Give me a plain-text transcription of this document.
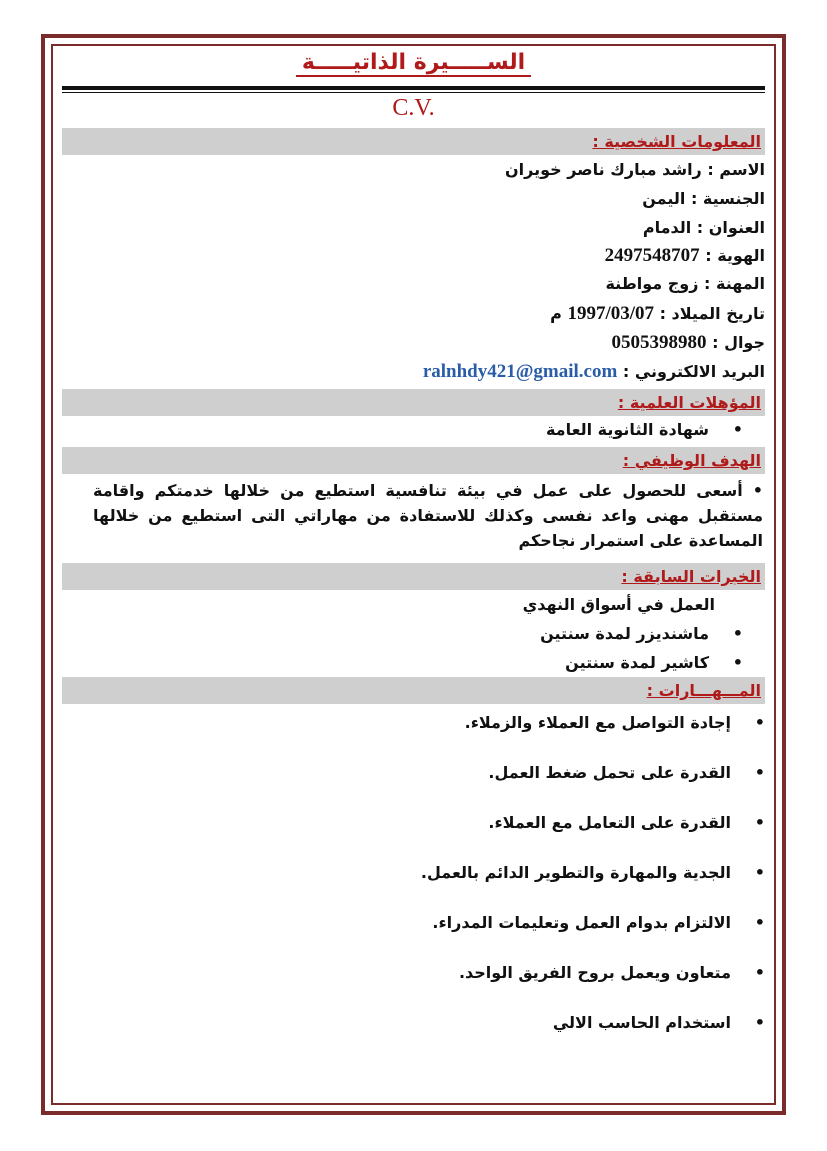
الســـــيرة الذاتيـــــة
C.V.
المعلومات الشخصية :
الاسم : راشد مبارك ناصر خويران
الجنسية : اليمن
العنوان : الدمام
الهوية : 2497548707
المهنة : زوج مواطنة
تاريخ الميلاد : 1997/03/07 م
جوال : 0505398980
البريد الالكتروني : ralnhdy421@gmail.com
المؤهلات العلمية :
• شهادة الثانوية العامة
الهدف الوظيفي :
• أسعى للحصول على عمل في بيئة تنافسية استطيع من خلالها خدمتكم واقامة مستقبل مهنى واعد نفسى وكذلك للاستفادة من مهاراتي التى استطيع من خلالها المساعدة على استمرار نجاحكم
الخبرات السابقة :
العمل في أسواق النهدي
• ماشنديزر لمدة سنتين
• كاشير لمدة سنتين
المـــهـــارات :
• إجادة التواصل مع العملاء والزملاء.
• القدرة على تحمل ضغط العمل.
• القدرة على التعامل مع العملاء.
• الجدية والمهارة والتطوير الدائم بالعمل.
• الالتزام بدوام العمل وتعليمات المدراء.
• متعاون ويعمل بروح الفريق الواحد.
• استخدام الحاسب الالي
